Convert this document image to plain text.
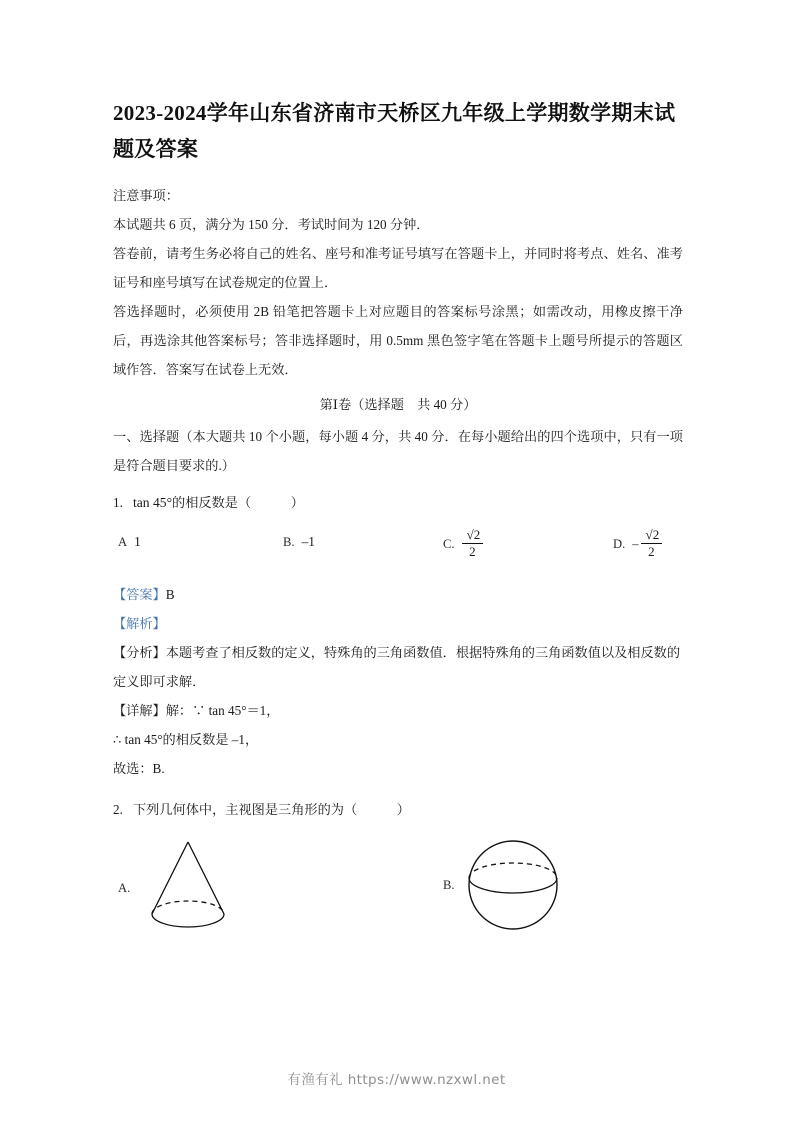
2023-2024学年山东省济南市天桥区九年级上学期数学期末试题及答案

注意事项：

本试题共 6 页，满分为 150 分．考试时间为 120 分钟．

答卷前，请考生务必将自己的姓名、座号和准考证号填写在答题卡上，并同时将考点、姓名、准考证号和座号填写在试卷规定的位置上．

答选择题时，必须使用 2B 铅笔把答题卡上对应题目的答案标号涂黑；如需改动，用橡皮擦干净后，再选涂其他答案标号；答非选择题时，用 0.5mm 黑色签字笔在答题卡上题号所提示的答题区域作答．答案写在试卷上无效．

第Ⅰ卷（选择题　共 40 分）

一、选择题（本大题共 10 个小题，每小题 4 分，共 40 分．在每小题给出的四个选项中，只有一项是符合题目要求的.）

1. tan 45°的相反数是（　　　）
A 1	B. –1	C. $\frac{√2}{2}$	D. – $\frac{√2}{2}$

【答案】B

【解析】

【分析】本题考查了相反数的定义，特殊角的三角函数值．根据特殊角的三角函数值以及相反数的定义即可求解．

【详解】解：∵ tan 45°＝1，

∴ tan 45°的相反数是 –1，

故选：B.

2. 下列几何体中，主视图是三角形的为（　　　）
A.	B.
有渔有礼 https://www.nzxwl.net
